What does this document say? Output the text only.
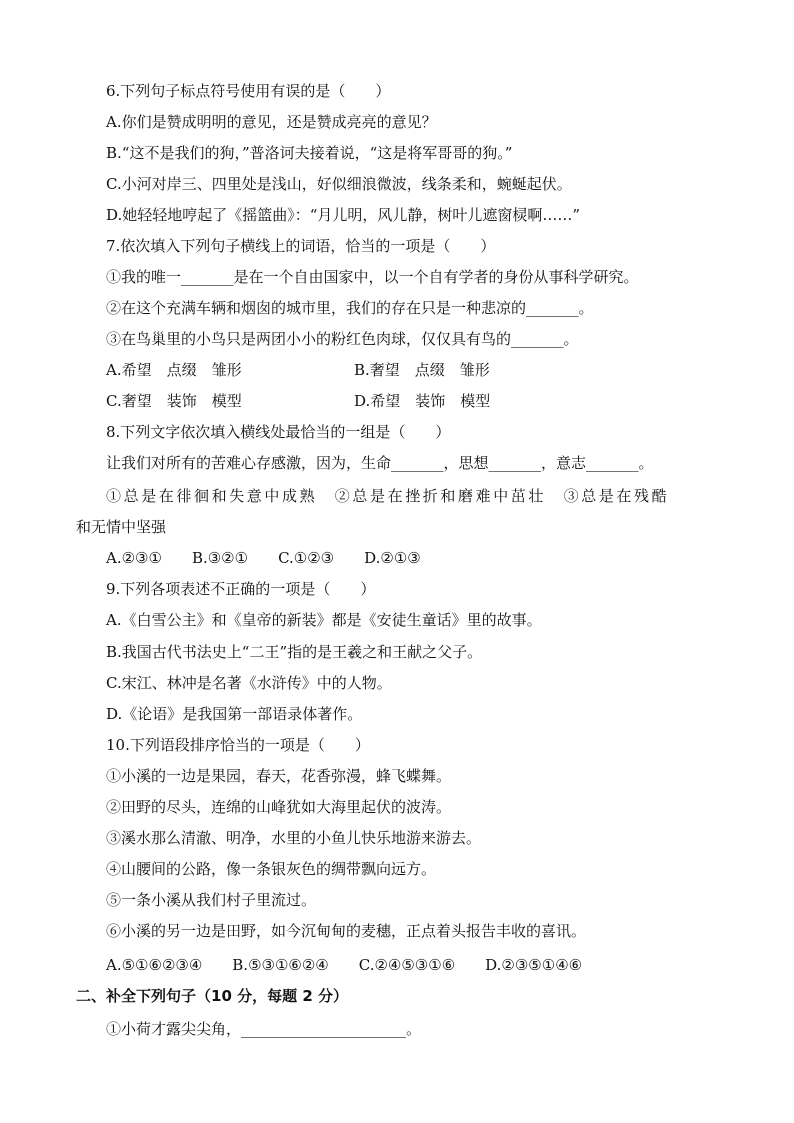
6.下列句子标点符号使用有误的是（　　）
A.你们是赞成明明的意见，还是赞成亮亮的意见？
B.“这不是我们的狗，”普洛诃夫接着说，“这是将军哥哥的狗。”
C.小河对岸三、四里处是浅山，好似细浪微波，线条柔和，蜿蜒起伏。
D.她轻轻地哼起了《摇篮曲》：“月儿明，风儿静，树叶儿遮窗棂啊……”
7.依次填入下列句子横线上的词语，恰当的一项是（　　）
①我的唯一_______是在一个自由国家中，以一个自有学者的身份从事科学研究。
②在这个充满车辆和烟囱的城市里，我们的存在只是一种悲凉的_______。
③在鸟巢里的小鸟只是两团小小的粉红色肉球，仅仅具有鸟的_______。
A.希望　点缀　雏形	B.奢望　点缀　雏形
C.奢望　装饰　模型	D.希望　装饰　模型
8.下列文字依次填入横线处最恰当的一组是（　　）
让我们对所有的苦难心存感激，因为，生命_______，思想_______，意志_______。
①总是在徘徊和失意中成熟　②总是在挫折和磨难中茁壮　③总是在残酷
和无情中坚强
A.②③①　　B.③②①　　C.①②③　　D.②①③
9.下列各项表述不正确的一项是（　　）
A.《白雪公主》和《皇帝的新装》都是《安徒生童话》里的故事。
B.我国古代书法史上“二王”指的是王羲之和王献之父子。
C.宋江、林冲是名著《水浒传》中的人物。
D.《论语》是我国第一部语录体著作。
10.下列语段排序恰当的一项是（　　）
①小溪的一边是果园，春天，花香弥漫，蜂飞蝶舞。
②田野的尽头，连绵的山峰犹如大海里起伏的波涛。
③溪水那么清澈、明净，水里的小鱼儿快乐地游来游去。
④山腰间的公路，像一条银灰色的绸带飘向远方。
⑤一条小溪从我们村子里流过。
⑥小溪的另一边是田野，如今沉甸甸的麦穗，正点着头报告丰收的喜讯。
A.⑤①⑥②③④　　B.⑤③①⑥②④　　C.②④⑤③①⑥　　D.②③⑤①④⑥
二、补全下列句子（10 分，每题 2 分）
①小荷才露尖尖角，______________________。
